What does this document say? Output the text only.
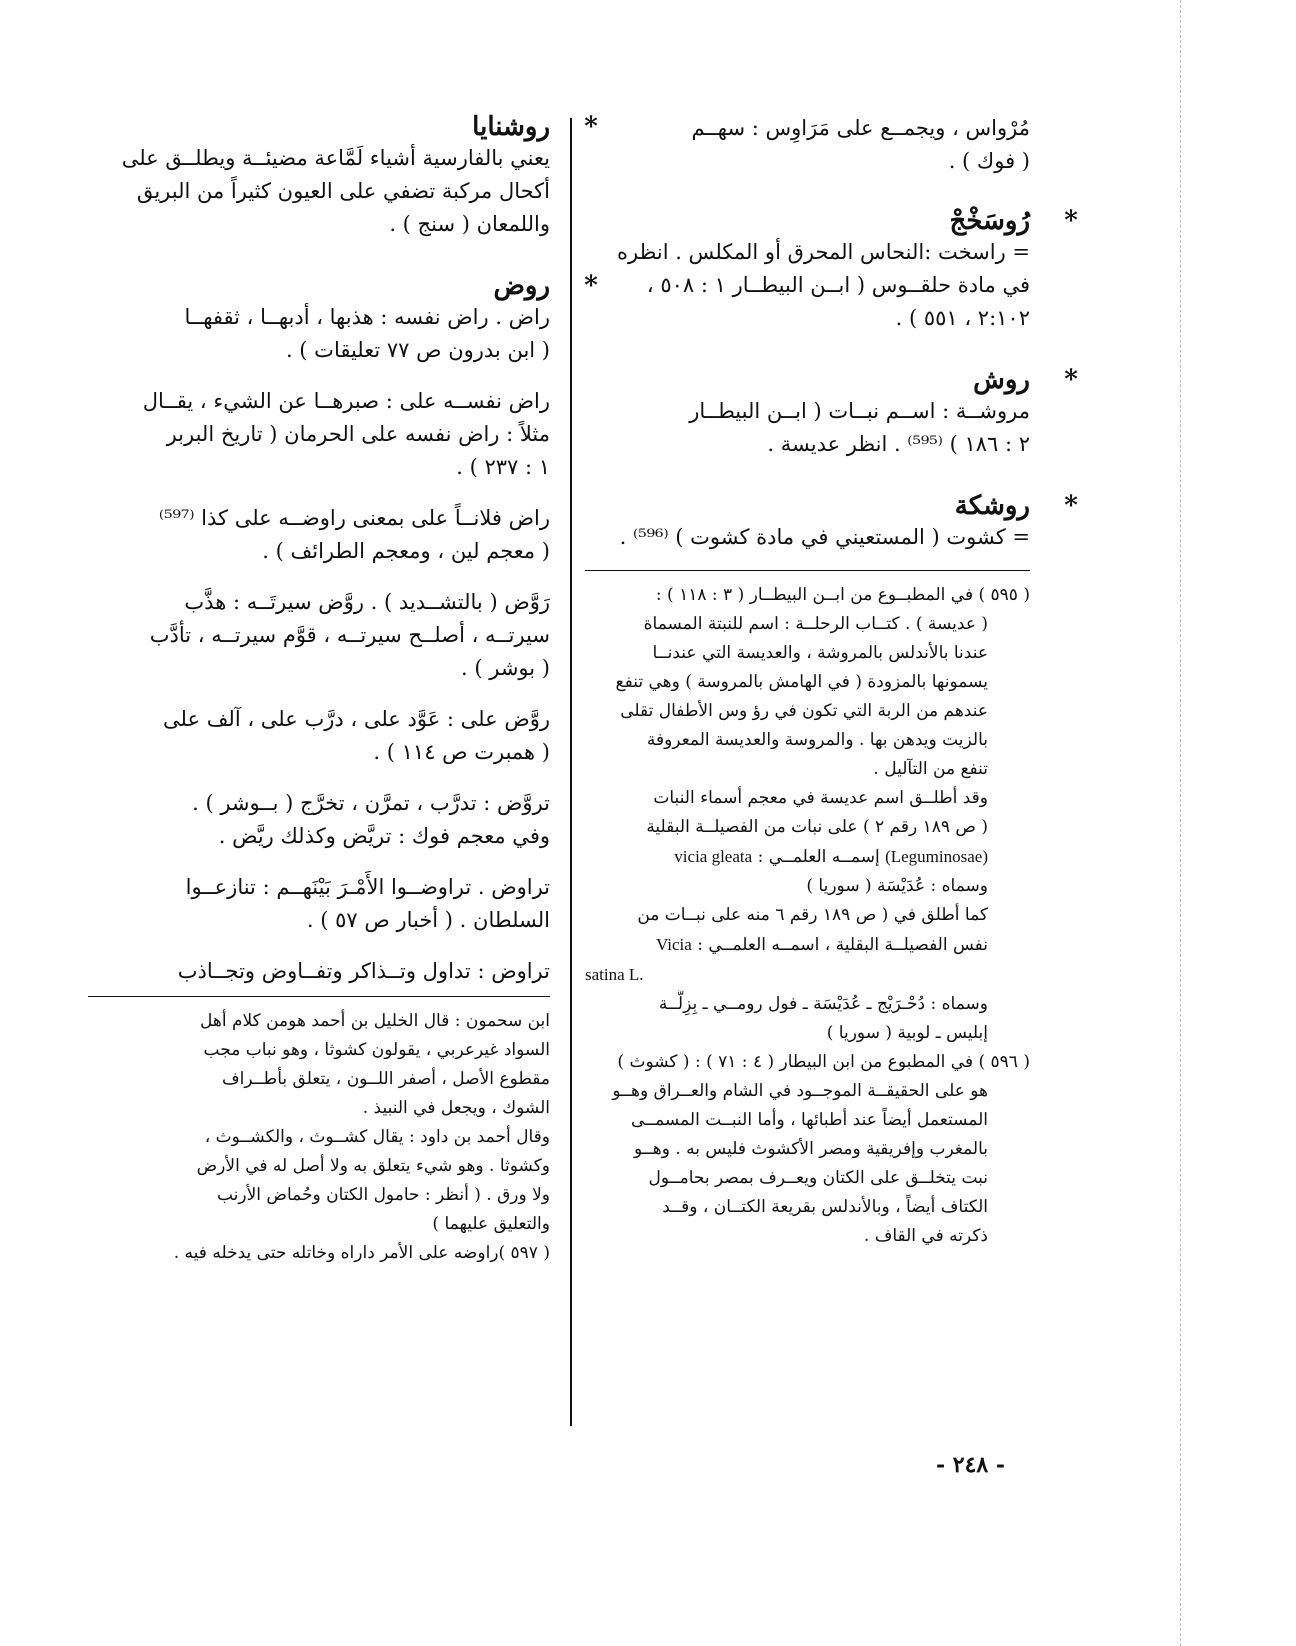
مُرْواس ، ويجمــع على مَرَاوِس : سهــم
( فوك ) .
*
رُوسَخْجْ
= راسخت :النحاس المحرق أو المكلس . انظره
في مادة حلقــوس ( ابــن البيطــار ١ : ٥٠٨ ،
٢:١٠٢ ، ٥٥١ ) .
*
روش
مروشــة : اســم نبــات ( ابــن البيطــار
٢ : ١٨٦ ) ⁽⁵⁹⁵⁾ . انظر عديسة .
*
روشكة
= كشوت ( المستعيني في مادة كشوت ) ⁽⁵⁹⁶⁾ .
( ٥٩٥ ) في المطبــوع من ابــن البيطــار ( ٣ : ١١٨ ) :
( عديسة ) . كتــاب الرحلــة : اسم للنبتة المسماة
عندنا بالأندلس بالمروشة ، والعديسة التي عندنــا
يسمونها بالمزودة ( في الهامش بالمروسة ) وهي تنفع
عندهم من الربة التي تكون في رؤ وس الأطفال تقلى
بالزيت ويدهن بها . والمروسة والعديسة المعروفة
تنفع من التآليل .
وقد أطلــق اسم عديسة في معجم أسماء النبات
( ص ١٨٩ رقم ٢ ) على نبات من الفصيلــة البقلية
(Leguminosae) إسمــه العلمــي : vicia gleata
وسماه : عُدَيْسَة ( سوريا )
كما أطلق في ( ص ١٨٩ رقم ٦ منه على نبــات من
نفس الفصيلــة البقلية ، اسمــه العلمــي : Vicia
satina L.
وسماه : دُحْـرَيْج ـ عُدَيْسَة ـ فول رومــي ـ بِزِلَّــة
إبليس ـ لوبية ( سوريا )
( ٥٩٦ ) في المطبوع من ابن البيطار ( ٤ : ٧١ ) : ( كشوث )
هو على الحقيقــة الموجــود في الشام والعــراق وهــو
المستعمل أيضاً عند أطبائها ، وأما النبــت المسمــى
بالمغرب وإفريقية ومصر الأكشوث فليس به . وهــو
نبت يتخلــق على الكتان ويعــرف بمصر بحامــول
الكتاف أيضاً ، وبالأندلس بقريعة الكتــان ، وقــد
ذكرته في القاف .
*
روشنايا
يعني بالفارسية أشياء لَمَّاعة مضيئــة ويطلــق على
أكحال مركبة تضفي على العيون كثيراً من البريق
واللمعان ( سنج ) .
*
روض
راض . راض نفسه : هذبها ، أدبهــا ، ثقفهــا
( ابن بدرون ص ٧٧ تعليقات ) .
راض نفســه على : صبرهــا عن الشيء ، يقــال
مثلاً : راض نفسه على الحرمان ( تاريخ البربر
١ : ٢٣٧ ) .
راض فلانــاً على بمعنى راوضــه على كذا ⁽⁵⁹⁷⁾
( معجم لين ، ومعجم الطرائف ) .
رَوَّض ( بالتشــديد ) . روَّض سيرتَــه : هذَّب
سيرتــه ، أصلــح سيرتــه ، قوَّم سيرتــه ، تأدَّب
( بوشر ) .
روَّض على : عَوَّد على ، درَّب على ، آلف على
( همبرت ص ١١٤ ) .
تروَّض : تدرَّب ، تمرَّن ، تخرَّج ( بــوشر ) .
وفي معجم فوك : تريَّض وكذلك ريَّض .
تراوض . تراوضــوا الأَمْـرَ بَيْنَهــم : تنازعــوا
السلطان . ( أخبار ص ٥٧ ) .
تراوض : تداول وتــذاكر وتفــاوض وتجــاذب
ابن سحمون : قال الخليل بن أحمد هومن كلام أهل
السواد غيرعربي ، يقولون كشوثا ، وهو نباب مجب
مقطوع الأصل ، أصفر اللــون ، يتعلق بأطــراف
الشوك ، ويجعل في النبيذ .
وقال أحمد بن داود : يقال كشــوث ، والكشــوث ،
وكشوثا . وهو شيء يتعلق به ولا أصل له في الأرض
ولا ورق . ( أنظر : حامول الكتان وحُماض الأرنب
والتعليق عليهما )
( ٥٩٧ )راوضه على الأمر داراه وخاتله حتى يدخله فيه .
- ٢٤٨ -
